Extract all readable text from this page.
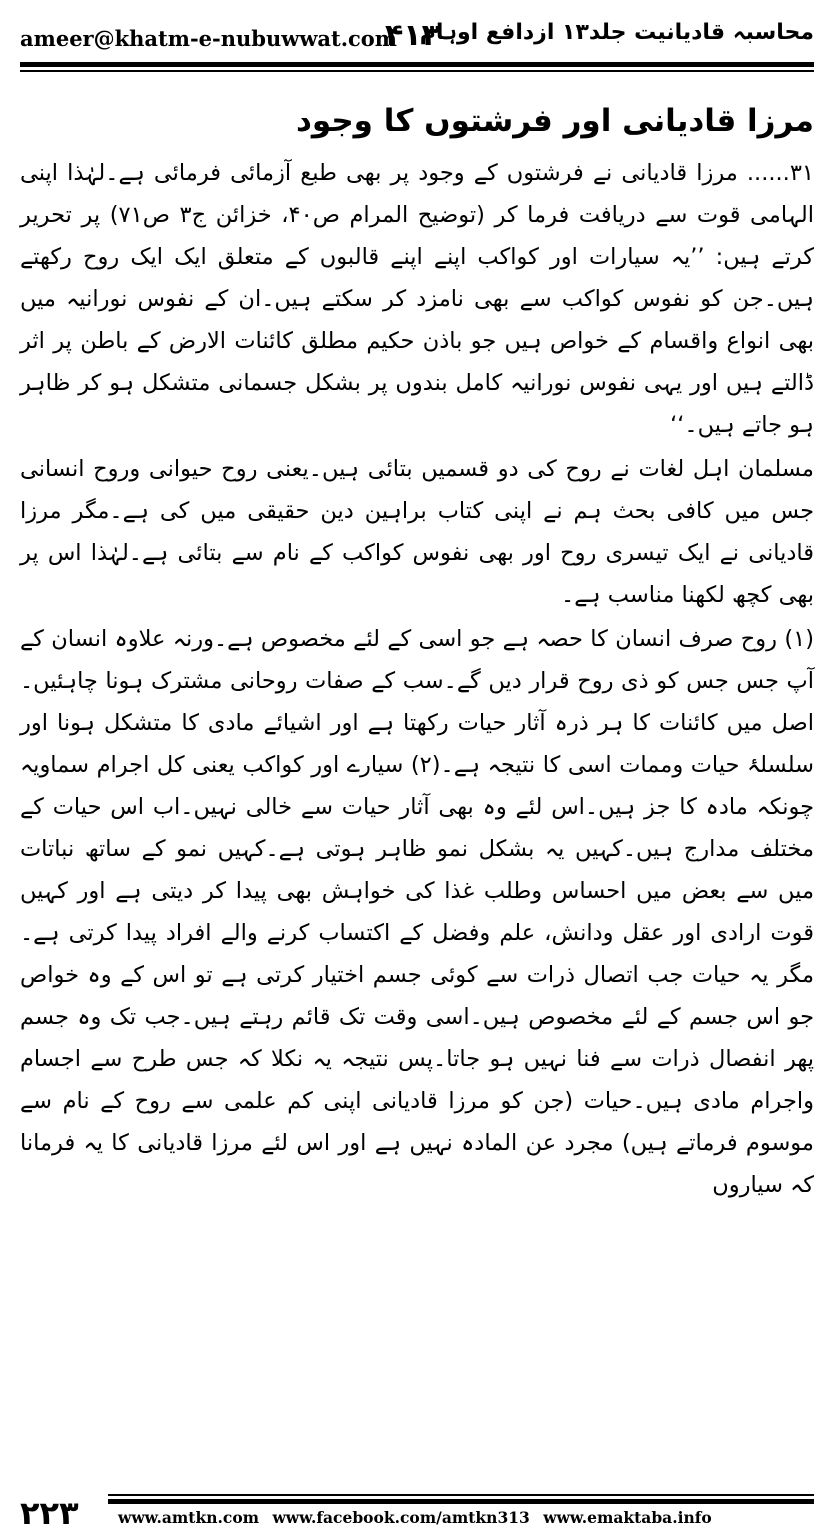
ameer@khatm-e-nubuwwat.com
۴۱۳
محاسبہ قادیانیت جلد۱۳ ازدافع اوہام
مرزا قادیانی اور فرشتوں کا وجود

۳۱...... مرزا قادیانی نے فرشتوں کے وجود پر بھی طبع آزمائی فرمائی ہے۔لہٰذا اپنی الہامی قوت سے دریافت فرما کر (توضیح المرام ص۴۰، خزائن ج۳ ص۷۱) پر تحریر کرتے ہیں: ’’یہ سیارات اور کواکب اپنے اپنے قالبوں کے متعلق ایک ایک روح رکھتے ہیں۔جن کو نفوس کواکب سے بھی نامزد کر سکتے ہیں۔ان کے نفوس نورانیہ میں بھی انواع واقسام کے خواص ہیں جو باذن حکیم مطلق کائنات الارض کے باطن پر اثر ڈالتے ہیں اور یہی نفوس نورانیہ کامل بندوں پر بشکل جسمانی متشکل ہو کر ظاہر ہو جاتے ہیں۔‘‘

مسلمان اہل لغات نے روح کی دو قسمیں بتائی ہیں۔یعنی روح حیوانی وروح انسانی جس میں کافی بحث ہم نے اپنی کتاب براہین دین حقیقی میں کی ہے۔مگر مرزا قادیانی نے ایک تیسری روح اور بھی نفوس کواکب کے نام سے بتائی ہے۔لہٰذا اس پر بھی کچھ لکھنا مناسب ہے۔

(۱) روح صرف انسان کا حصہ ہے جو اسی کے لئے مخصوص ہے۔ورنہ علاوہ انسان کے آپ جس جس کو ذی روح قرار دیں گے۔سب کے صفات روحانی مشترک ہونا چاہئیں۔اصل میں کائنات کا ہر ذرہ آثار حیات رکھتا ہے اور اشیائے مادی کا متشکل ہونا اور سلسلۂ حیات وممات اسی کا نتیجہ ہے۔(۲) سیارے اور کواکب یعنی کل اجرام سماویہ چونکہ مادہ کا جز ہیں۔اس لئے وہ بھی آثار حیات سے خالی نہیں۔اب اس حیات کے مختلف مدارج ہیں۔کہیں یہ بشکل نمو ظاہر ہوتی ہے۔کہیں نمو کے ساتھ نباتات میں سے بعض میں احساس وطلب غذا کی خواہش بھی پیدا کر دیتی ہے اور کہیں قوت ارادی اور عقل ودانش، علم وفضل کے اکتساب کرنے والے افراد پیدا کرتی ہے۔مگر یہ حیات جب اتصال ذرات سے کوئی جسم اختیار کرتی ہے تو اس کے وہ خواص جو اس جسم کے لئے مخصوص ہیں۔اسی وقت تک قائم رہتے ہیں۔جب تک وہ جسم پھر انفصال ذرات سے فنا نہیں ہو جاتا۔پس نتیجہ یہ نکلا کہ جس طرح سے اجسام واجرام مادی ہیں۔حیات (جن کو مرزا قادیانی اپنی کم علمی سے روح کے نام سے موسوم فرماتے ہیں) مجرد عن المادہ نہیں ہے اور اس لئے مرزا قادیانی کا یہ فرمانا کہ سیاروں

۲۲۳	www.amtkn.com www.facebook.com/amtkn313 www.emaktaba.info
